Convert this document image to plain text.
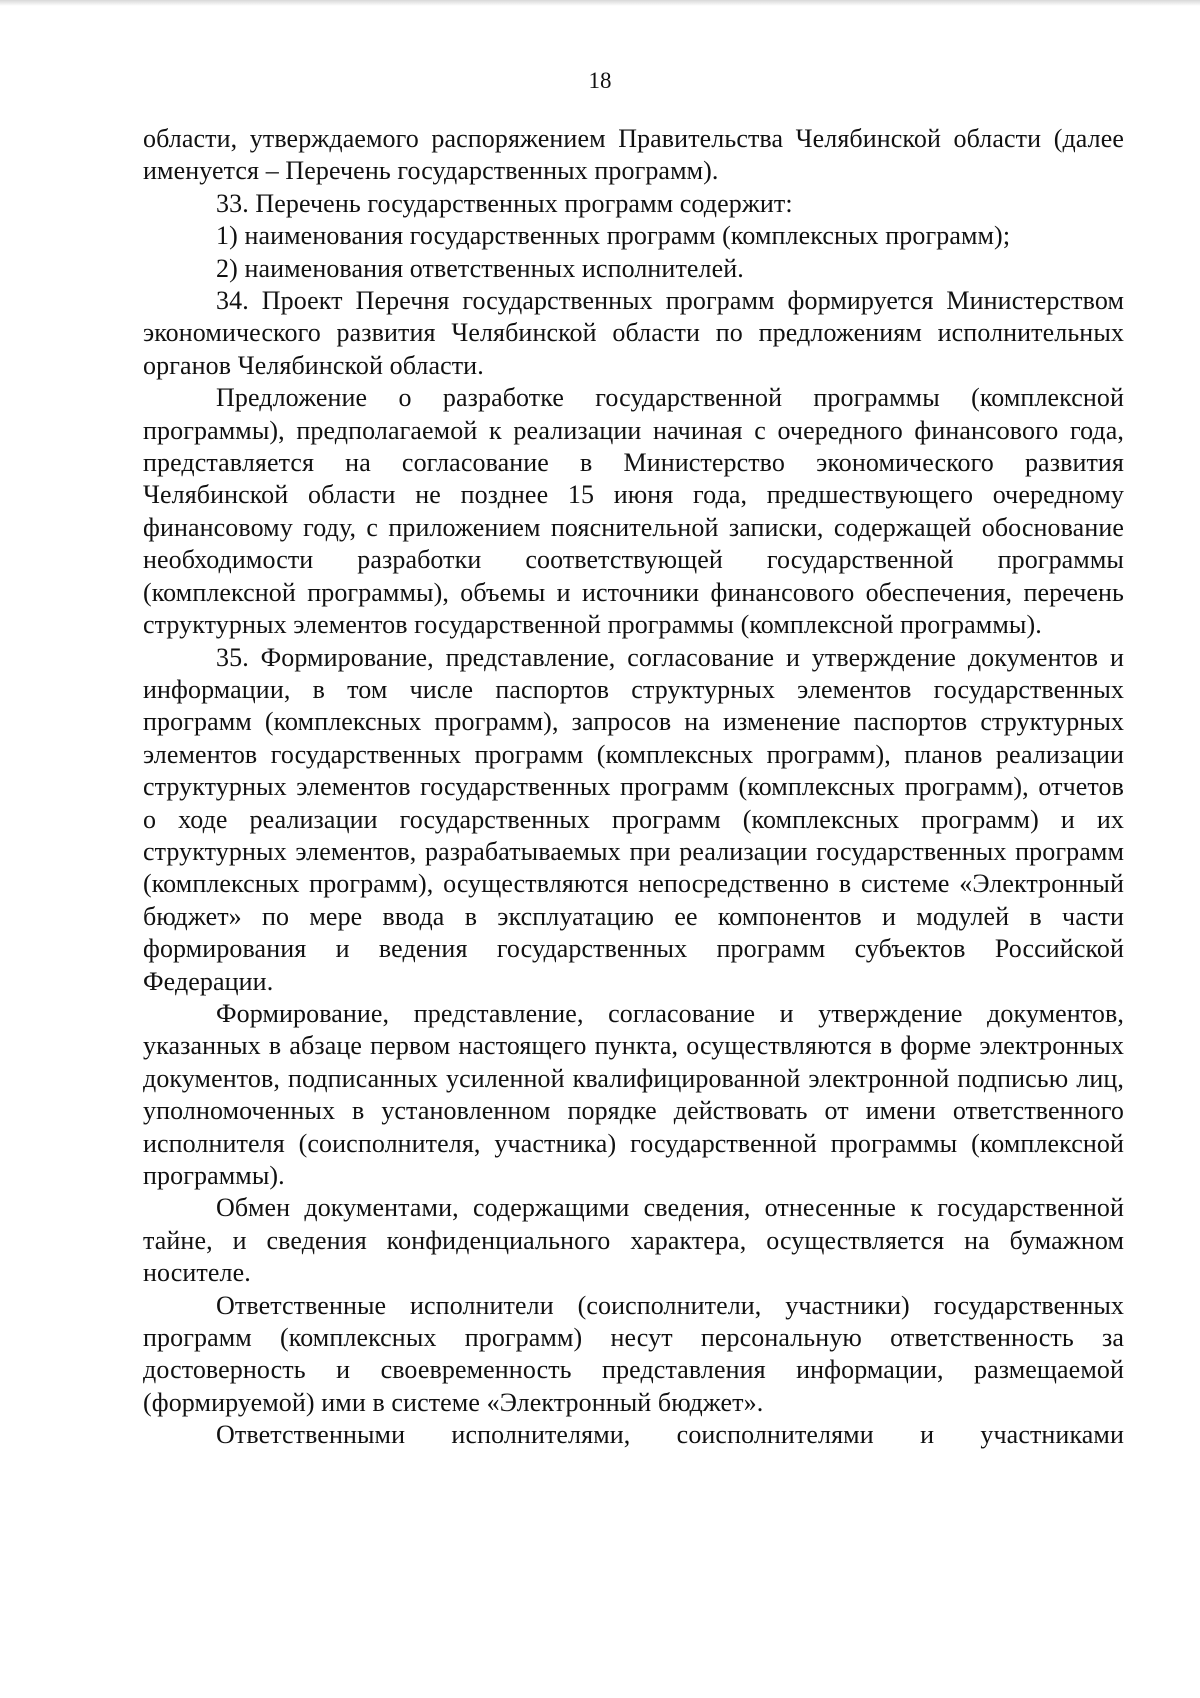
18

области, утверждаемого распоряжением Правительства Челябинской области (далее именуется – Перечень государственных программ).

33. Перечень государственных программ содержит:

1) наименования государственных программ (комплексных программ);

2) наименования ответственных исполнителей.

34. Проект Перечня государственных программ формируется Министерством экономического развития Челябинской области по предложениям исполнительных органов Челябинской области.

Предложение о разработке государственной программы (комплексной программы), предполагаемой к реализации начиная с очередного финансового года, представляется на согласование в Министерство экономического развития Челябинской области не позднее 15 июня года, предшествующего очередному финансовому году, с приложением пояснительной записки, содержащей обоснование необходимости разработки соответствующей государственной программы (комплексной программы), объемы и источники финансового обеспечения, перечень структурных элементов государственной программы (комплексной программы).

35. Формирование, представление, согласование и утверждение документов и информации, в том числе паспортов структурных элементов государственных программ (комплексных программ), запросов на изменение паспортов структурных элементов государственных программ (комплексных программ), планов реализации структурных элементов государственных программ (комплексных программ), отчетов о ходе реализации государственных программ (комплексных программ) и их структурных элементов, разрабатываемых при реализации государственных программ (комплексных программ), осуществляются непосредственно в системе «Электронный бюджет» по мере ввода в эксплуатацию ее компонентов и модулей в части формирования и ведения государственных программ субъектов Российской Федерации.

Формирование, представление, согласование и утверждение документов, указанных в абзаце первом настоящего пункта, осуществляются в форме электронных документов, подписанных усиленной квалифицированной электронной подписью лиц, уполномоченных в установленном порядке действовать от имени ответственного исполнителя (соисполнителя, участника) государственной программы (комплексной программы).

Обмен документами, содержащими сведения, отнесенные к государственной тайне, и сведения конфиденциального характера, осуществляется на бумажном носителе.

Ответственные исполнители (соисполнители, участники) государственных программ (комплексных программ) несут персональную ответственность за достоверность и своевременность представления информации, размещаемой (формируемой) ими в системе «Электронный бюджет».

Ответственными исполнителями, соисполнителями и участниками
